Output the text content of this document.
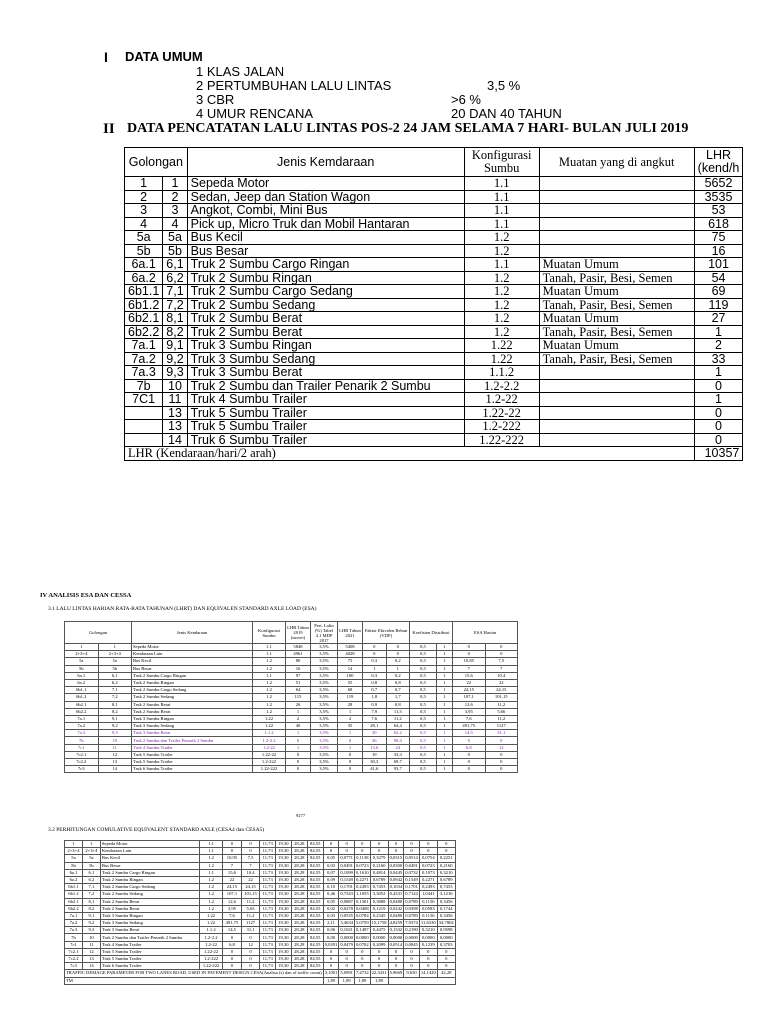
I DATA UMUM
1 KLAS JALAN
2 PERTUMBUHAN LALU LINTAS	3,5 %
3 CBR	>6 %
4 UMUR RENCANA	20 DAN 40 TAHUN
II DATA PENCATATAN LALU LINTAS POS-2 24 JAM SELAMA 7 HARI- BULAN JULI 2019
Golongan		Jenis Kemdaraan	Konfigurasi Sumbu	Muatan yang di angkut	LHR (kend/h
1	1	Sepeda Motor	1.1		5652
2	2	Sedan, Jeep dan Station Wagon	1.1		3535
3	3	Angkot, Combi, Mini Bus	1.1		53
4	4	Pick up, Micro Truk dan Mobil Hantaran	1.1		618
5a	5a	Bus Kecil	1.2		75
5b	5b	Bus Besar	1.2		16
6a.1	6,1	Truk 2 Sumbu Cargo Ringan	1.1	Muatan Umum	101
6a.2	6,2	Truk 2 Sumbu Ringan	1.2	Tanah, Pasir, Besi, Semen	54
6b1.1	7,1	Truk 2 Sumbu Cargo Sedang	1.2	Muatan Umum	69
6b1.2	7,2	Truk 2 Sumbu Sedang	1.2	Tanah, Pasir, Besi, Semen	119
6b2.1	8,1	Truk 2 Sumbu Berat	1.2	Muatan Umum	27
6b2.2	8,2	Truk 2 Sumbu Berat	1.2	Tanah, Pasir, Besi, Semen	1
7a.1	9,1	Truk 3 Sumbu Ringan	1.22	Muatan Umum	2
7a.2	9,2	Truk 3 Sumbu Sedang	1.22	Tanah, Pasir, Besi, Semen	33
7a.3	9,3	Truk 3 Sumbu Berat	1.1.2		1
7b	10	Truk 2 Sumbu dan Trailer Penarik 2 Sumbu	1.2-2.2		0
7C1	11	Truk 4 Sumbu Trailer	1.2-22		1
	13	Truk 5 Sumbu Trailer	1.22-22		0
	13	Truk 5 Sumbu Trailer	1.2-222		0
	14	Truk 6 Sumbu Trailer	1.22-222		0
LHR (Kendaraan/hari/2 arah)					10357
IV ANALISIS ESA DAN CESSA
3.1 LALU LINTAS HARIAN RATA-RATA TAHUNAN (LHRT) DAN EQUIVALEN STANDARD AXLE LOAD (ESA)
Golongan		Jenis Kendaraan	Konfigurasi Sumbu	LHR Tahun 2019 (survei)	Pert. Lalin (%) Tabel 4.1 MDP 2017	LHR Tahun 2021	Faktor Ekivalen Beban (VDF)		Koefisien Distribusi		ESA Harian	
1	1	Sepeda Motor	1.1	5848	3,5%	5408	0	0	0,5	1	0	0
2+3+4	2+3+4	Kendaraan Lain	1.1	4961	3,5%	4028	0	0	0,5	1	0	0
5a	5a	Bus Kecil	1.2	80	3,5%	75	0,3	0,2	0,5	1	10,85	7,5
5b	5b	Bus Besar	1.2	16	3,5%	14	1	1	0,5	1	7	7
6a.1	6,1	Truk 2 Sumbu Cargo Ringan	1.1	97	3,5%	100	0,3	0,2	0,5	1	15,6	10,4
6a.2	6,2	Truk 2 Sumbu Ringan	1.2	51	3,5%	55	0,8	0,8	0,5	1	22	22
6b1.1	7,1	Truk 2 Sumbu Cargo Sedang	1.2	64	3,5%	68	0,7	0,7	0,5	1	24,15	24,15
6b1.2	7,2	Truk 2 Sumbu Sedang	1.2	115	3,5%	119	1,8	1,7	0,5	1	107,1	101,15
6b2.1	8,1	Truk 2 Sumbu Berat	1.2	26	3,5%	28	0,9	0,8	0,5	1	12,6	11,2
6b2.2	8,2	Truk 2 Sumbu Berat	1.2	1	3,5%	1	7,9	11,3	0,5	1	3,95	5,66
7a.1	9,1	Truk 3 Sumbu Ringan	1.22	2	3,5%	2	7,6	11,2	0,5	1	7,6	11,2
7a.2	9,2	Truk 3 Sumbu Sedang	1.22	40	3,5%	35	28,1	64,4	0,5	1	491,75	1127
7a.3	9,3	Truk 3 Sumbu Berat	1.1.2	1	3,5%	1	29	62,2	0,5	1	14,5	31,1
7b	10	Truk 2 Sumbu dan Trailer Penarik 2 Sumbu	1.2-2.2	0	3,5%	0	36	90,4	0,5	1	0	0
7c1	11	Truk 4 Sumbu Trailer	1.2-22	1	3,5%	1	13,6	24	0,5	1	6,8	12
7c2.1	12	Truk 5 Sumbu Trailer	1.22-22	0	3,5%	0	19	33,3	0,5	1	0	0
7c2.2	13	Truk 5 Sumbu Trailer	1.2-222	0	3,5%	0	30,3	69,7	0,5	1	0	0
7c3	14	Truk 6 Sumbu Trailer	1.22-222	0	3,5%	0	41,6	93,7	0,5	1	0	0
9277
3.2 PERHITUNGAN COMULATIVE EQUIVALENT STANDARD AXLE (CESA4 dan CESA5)
1	1	Sepeda Motor	1.1	0	0	11,73	19,30	28,28	84,55	0	0	0	0	0	0	0	0
2+3+4	2+3+4	Kendaraan Lain	1.1	0	0	11,73	19,30	28,28	84,55	0	0	0	0	0	0	0	0
5a	5a	Bus Kecil	1.2	10,95	7,5	11,73	19,30	28,28	84,55	0,05	0,0771	0,1138	0,3279	0,0315	0,0514	0,0754	0,2251
5b	5b	Bus Besar	1.2	7	7	11,73	19,30	28,28	84,55	0,03	0,0491	0,0723	0,2160	0,0300	0,0491	0,0723	0,2160
6a.1	6,1	Truk 2 Sumbu Cargo Ringan	1.1	15,6	10,4	11,73	19,30	28,28	84,55	0,07	0,1099	0,1610	0,4814	0,0445	0,0732	0,1073	0,3210
6a.2	6,2	Truk 2 Sumbu Ringan	1.2	22	22	11,73	19,30	28,28	84,55	0,09	0,1549	0,2271	0,6789	0,0942	0,1549	0,2271	0,6789
6b1.1	7,1	Truk 2 Sumbu Cargo Sedang	1.2	24,15	24,15	11,73	19,30	28,28	84,55	0,10	0,1701	0,2493	0,7453	0,1034	0,1701	0,2493	0,7453
6b1.2	7,2	Truk 2 Sumbu Sedang	1.2	107,1	101,15	11,73	19,30	28,28	84,55	0,46	0,7543	1,1055	3,3052	0,4331	0,7124	1,0441	3,1216
6b2.1	8,1	Truk 2 Sumbu Berat	1.2	12,6	11,2	11,73	19,30	28,28	84,55	0,05	0,0887	0,1301	0,3888	0,0480	0,0789	0,1156	0,3456
6b2.2	8,2	Truk 2 Sumbu Berat	1.2	3,95	5,65	11,73	19,30	28,28	84,55	0,02	0,0278	0,0408	0,1219	0,0242	0,0398	0,0583	0,1744
7a.1	9,1	Truk 3 Sumbu Ringan	1.22	7,6	11,2	11,73	19,30	28,28	84,55	0,03	0,0535	0,0784	0,2345	0,0480	0,0789	0,1156	0,3456
7a.2	9,2	Truk 3 Sumbu Sedang	1.22	491,75	1127	11,73	19,30	28,28	84,55	2,11	3,4634	5,0759	15,1758	4,8259	7,9374	11,6330	34,7802
7a.3	9,3	Truk 3 Sumbu Berat	1.1.2	14,5	31,1	11,73	19,30	28,28	84,55	0,06	0,1021	0,1497	0,4475	0,1332	0,2190	0,3210	0,9598
7b	10	Truk 2 Sumbu dan Trailer Penarik 2 Sumbu	1.2-2.2	0	0	11,73	19,30	28,28	84,55	0,00	0,0000	0,0000	0,0000	0,0000	0,0000	0,0000	0,0000
7c1	11	Truk 4 Sumbu Trailer	1.2-22	6,8	12	11,73	19,30	28,28	84,55	0,0291	0,0479	0,0702	0,2099	0,0514	0,0845	0,1239	0,3703
7c2.1	12	Truk 5 Sumbu Trailer	1.22-22	0	0	11,73	19,30	28,28	84,55	0	0	0	0	0	0	0	0
7c2.2	13	Truk 5 Sumbu Trailer	1.2-222	0	0	11,73	19,30	28,28	84,55	0	0	0	0	0	0	0	0
7c3	14	Truk 6 Sumbu Trailer	1.22-222	0	0	11,73	19,30	28,28	84,55	0	0	0	0	0	0	0	0
TRAFFIC DEMAGE PARAMETER FOR TWO LANES ROAD, USED IN PAVEMENT DESIGN CESA(Analisa (s) dan of traffic count)										3,1001	5,0991	7,4732	22,3431	5,9669	9,650	14,1420	42,28
TM										1,89	1,89	1,89	1,89				
